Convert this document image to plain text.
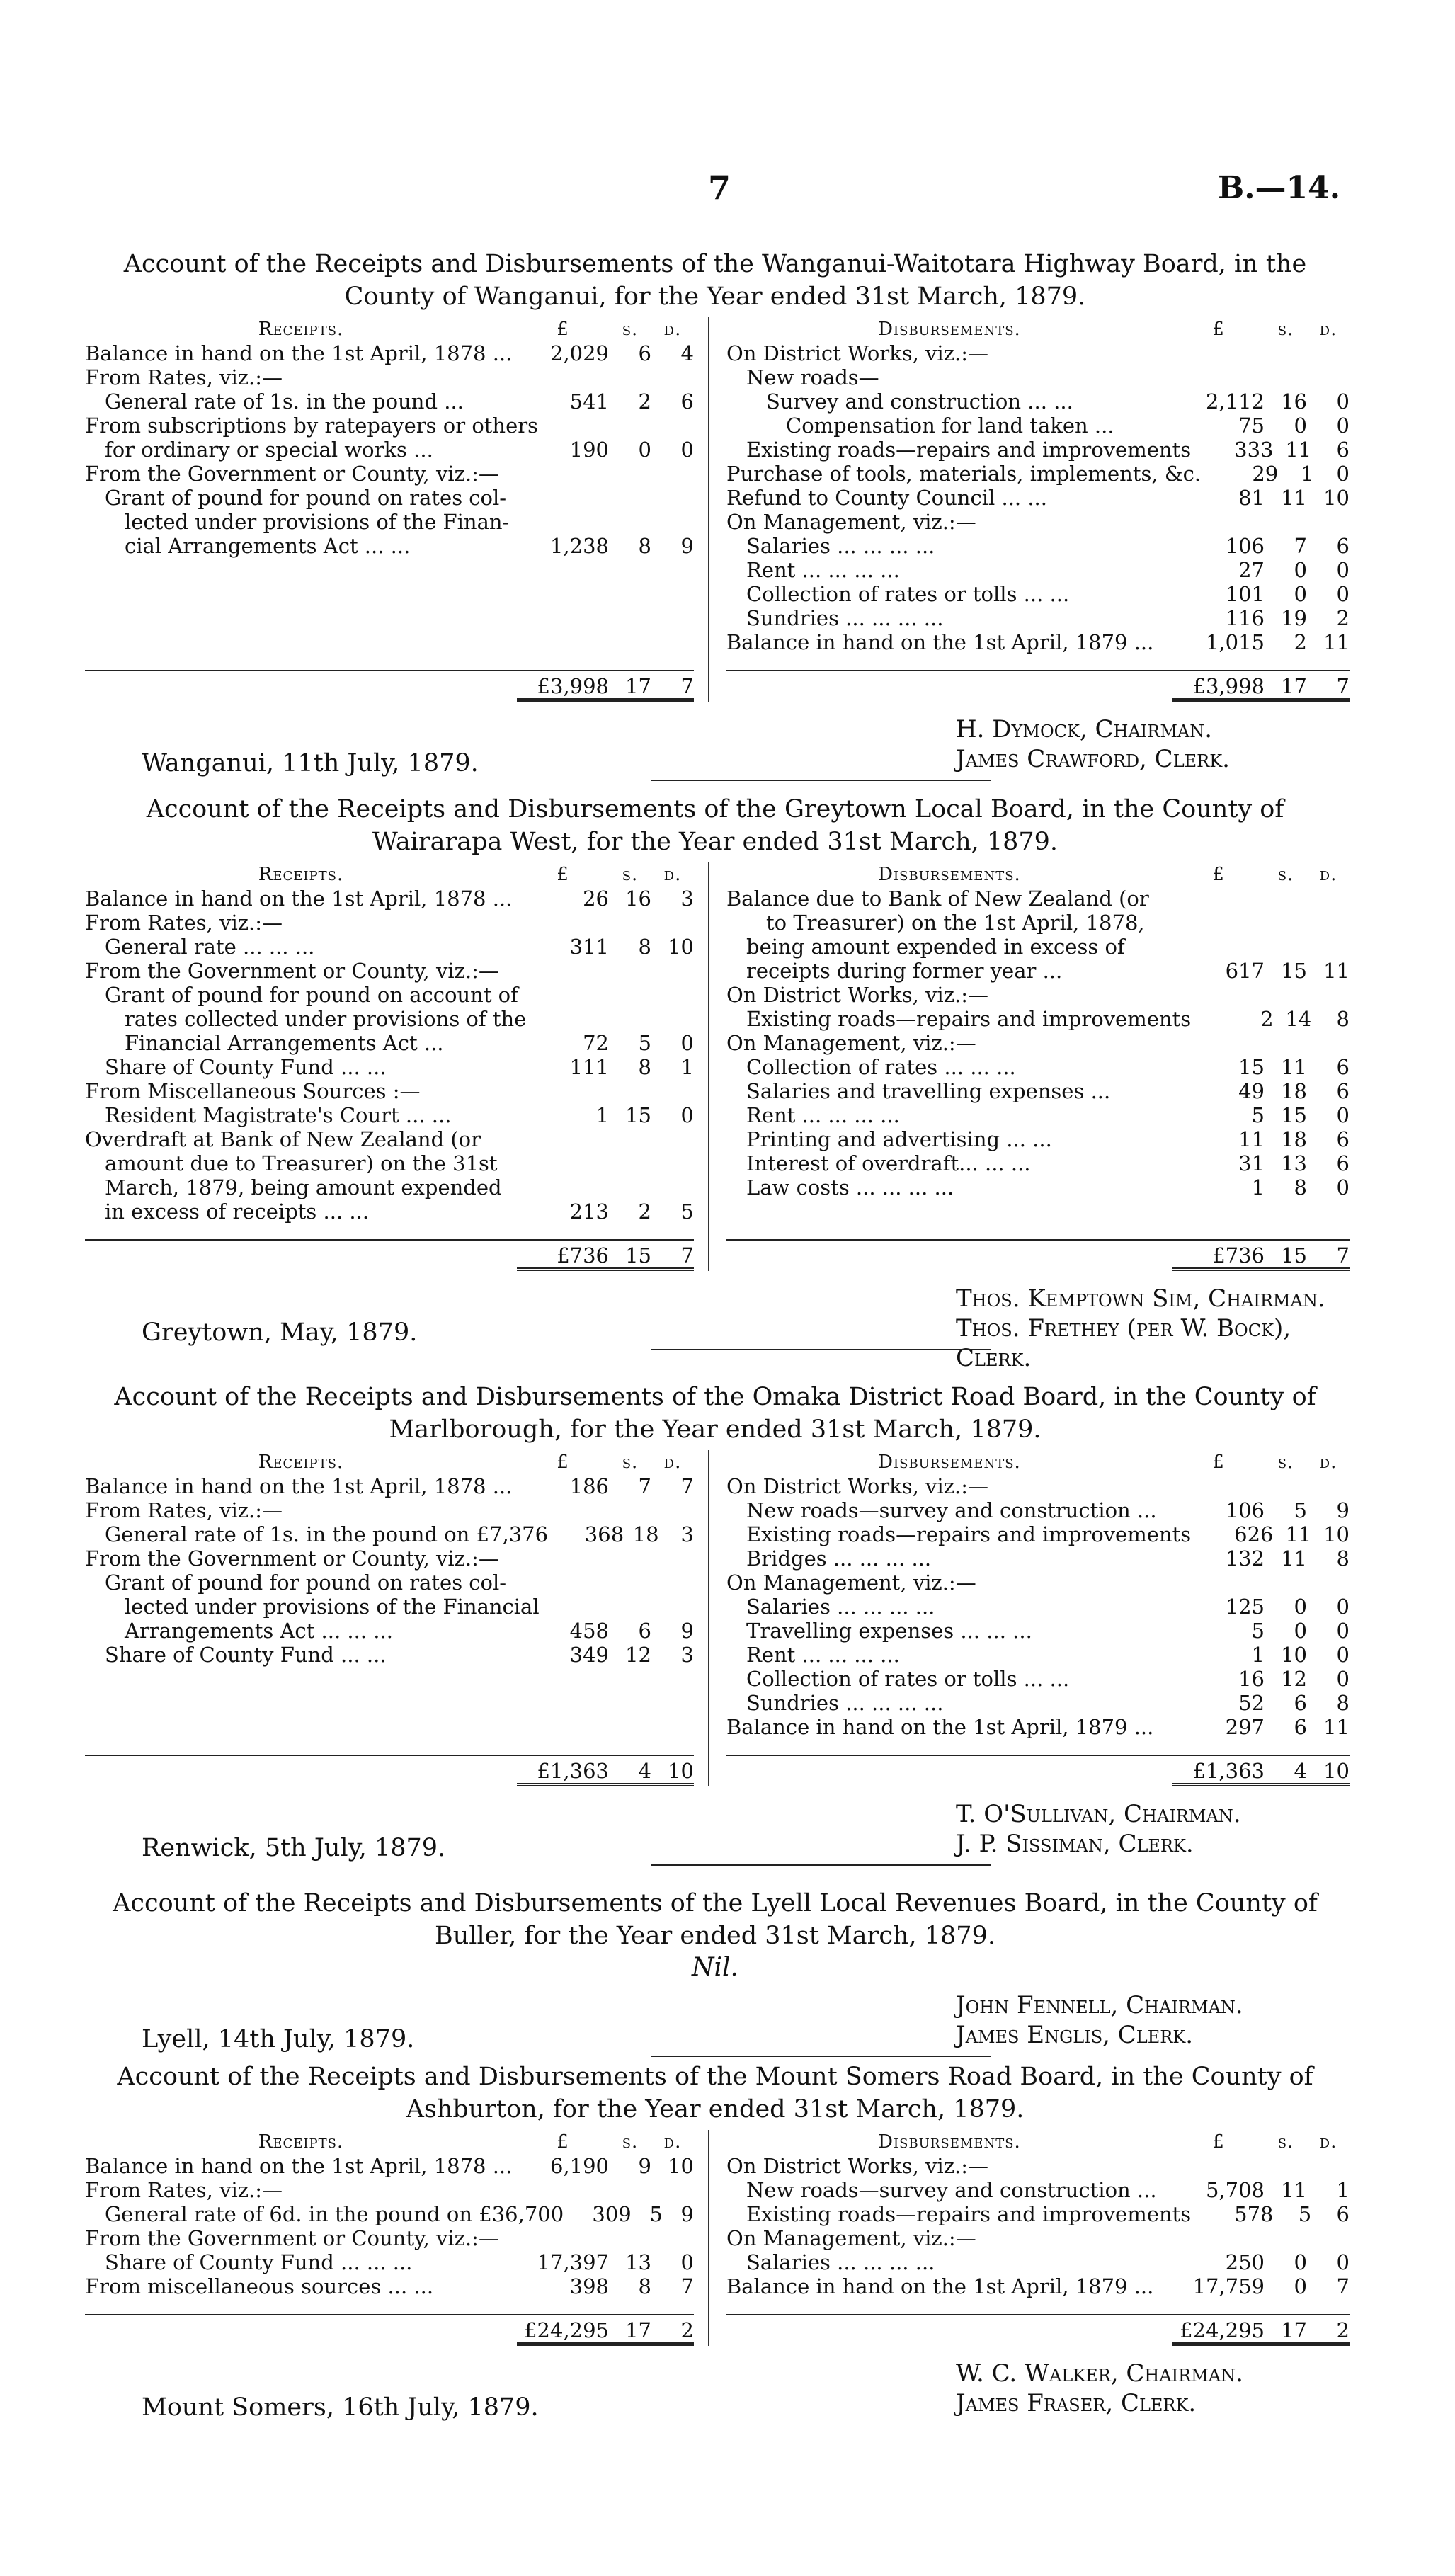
7	B.—14.
Account of the Receipts and Disbursements of the Wanganui-Waitotara Highway Board, in the County of Wanganui, for the Year ended 31st March, 1879.
Receipts.	£	s.	d.
Balance in hand on the 1st April, 1878 ...	2,029	6	4
From Rates, viz.:—
General rate of 1s. in the pound ...	541	2	6
From subscriptions by ratepayers or others
for ordinary or special works ...	190	0	0
From the Government or County, viz.:—
Grant of pound for pound on rates col-
lected under provisions of the Finan-
cial Arrangements Act ... ...	1,238	8	9
£3,998 17	7
Disbursements.	£	s.	d.
On District Works, viz.:—
New roads—
Survey and construction ... ...	2,112 16	0
Compensation for land taken ...	75	0	0
Existing roads—repairs and improvements	333 11	6
Purchase of tools, materials, implements, &c.	29	1	0
Refund to County Council ... ...	81 11 10
On Management, viz.:—
Salaries ... ... ... ...	106	7	6
Rent ... ... ... ...	27	0	0
Collection of rates or tolls ... ...	101	0	0
Sundries ... ... ... ...	116 19	2
Balance in hand on the 1st April, 1879 ...	1,015	2 11
£3,998 17	7
Wanganui, 11th July, 1879.
H. Dymock, Chairman.
James Crawford, Clerk.
Account of the Receipts and Disbursements of the Greytown Local Board, in the County of Wairarapa West, for the Year ended 31st March, 1879.
Receipts.	£	s.	d.
Balance in hand on the 1st April, 1878 ...	26 16	3
From Rates, viz.:—
General rate ... ... ...	311	8 10
From the Government or County, viz.:—
Grant of pound for pound on account of
rates collected under provisions of the
Financial Arrangements Act ...	72	5	0
Share of County Fund ... ...	111	8	1
From Miscellaneous Sources :—
Resident Magistrate's Court ... ...	1 15	0
Overdraft at Bank of New Zealand (or
amount due to Treasurer) on the 31st
March, 1879, being amount expended
in excess of receipts ... ...	213	2	5
£736 15	7
Disbursements.	£	s.	d.
Balance due to Bank of New Zealand (or
to Treasurer) on the 1st April, 1878,
being amount expended in excess of
receipts during former year ...	617 15 11
On District Works, viz.:—
Existing roads—repairs and improvements	2 14	8
On Management, viz.:—
Collection of rates ... ... ...	15 11	6
Salaries and travelling expenses ...	49 18	6
Rent ... ... ... ...	5 15	0
Printing and advertising ... ...	11 18	6
Interest of overdraft... ... ...	31 13	6
Law costs ... ... ... ...	1	8	0
£736 15	7
Greytown, May, 1879.
Thos. Kemptown Sim, Chairman.
Thos. Frethey (per W. Bock), Clerk.
Account of the Receipts and Disbursements of the Omaka District Road Board, in the County of Marlborough, for the Year ended 31st March, 1879.
Receipts.	£	s.	d.
Balance in hand on the 1st April, 1878 ...	186	7	7
From Rates, viz.:—
General rate of 1s. in the pound on £7,376	368 18	3
From the Government or County, viz.:—
Grant of pound for pound on rates col-
lected under provisions of the Financial
Arrangements Act ... ... ...	458	6	9
Share of County Fund ... ...	349 12	3
£1,363	4 10
Disbursements.	£	s.	d.
On District Works, viz.:—
New roads—survey and construction ...	106	5	9
Existing roads—repairs and improvements	626 11 10
Bridges ... ... ... ...	132 11	8
On Management, viz.:—
Salaries ... ... ... ...	125	0	0
Travelling expenses ... ... ...	5	0	0
Rent ... ... ... ...	1 10	0
Collection of rates or tolls ... ...	16 12	0
Sundries ... ... ... ...	52	6	8
Balance in hand on the 1st April, 1879 ...	297	6 11
£1,363	4 10
Renwick, 5th July, 1879.
T. O'Sullivan, Chairman.
J. P. Sissiman, Clerk.
Account of the Receipts and Disbursements of the Lyell Local Revenues Board, in the County of Buller, for the Year ended 31st March, 1879.
Nil.
Lyell, 14th July, 1879.
John Fennell, Chairman.
James Englis, Clerk.
Account of the Receipts and Disbursements of the Mount Somers Road Board, in the County of Ashburton, for the Year ended 31st March, 1879.
Receipts.	£	s.	d.
Balance in hand on the 1st April, 1878 ...	6,190	9 10
From Rates, viz.:—
General rate of 6d. in the pound on £36,700	309 5 9
From the Government or County, viz.:—
Share of County Fund ... ... ...	17,397 13	0
From miscellaneous sources ... ...	398	8	7
£24,295 17	2
Disbursements.	£	s.	d.
On District Works, viz.:—
New roads—survey and construction ...	5,708 11	1
Existing roads—repairs and improvements	578	5	6
On Management, viz.:—
Salaries ... ... ... ...	250	0	0
Balance in hand on the 1st April, 1879 ...	17,759	0	7
£24,295 17	2
Mount Somers, 16th July, 1879.
W. C. Walker, Chairman.
James Fraser, Clerk.
